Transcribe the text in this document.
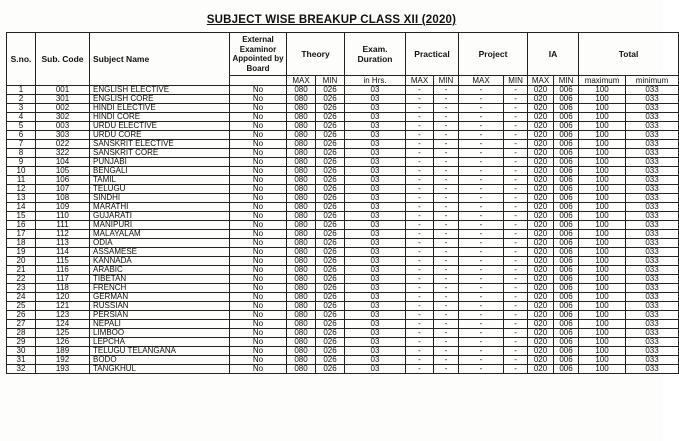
SUBJECT WISE BREAKUP CLASS XII (2020)
S.no.	Sub. Code	Subject Name	External Examinor Appointed by Board	Theory		Exam. Duration	Practical		Project		IA		Total	
				MAX	MIN	in Hrs.	MAX	MIN	MAX	MIN	MAX	MIN	maximum	minimum
1	001	ENGLISH ELECTIVE	No	080	026	03	-	-	-	-	020	006	100	033
2	301	ENGLISH CORE	No	080	026	03	-	-	-	-	020	006	100	033
3	002	HINDI ELECTIVE	No	080	026	03	-	-	-	-	020	006	100	033
4	302	HINDI CORE	No	080	026	03	-	-	-	-	020	006	100	033
5	003	URDU ELECTIVE	No	080	026	03	-	-	-	-	020	006	100	033
6	303	URDU CORE	No	080	026	03	-	-	-	-	020	006	100	033
7	022	SANSKRIT ELECTIVE	No	080	026	03	-	-	-	-	020	006	100	033
8	322	SANSKRIT CORE	No	080	026	03	-	-	-	-	020	006	100	033
9	104	PUNJABI	No	080	026	03	-	-	-	-	020	006	100	033
10	105	BENGALI	No	080	026	03	-	-	-	-	020	006	100	033
11	106	TAMIL	No	080	026	03	-	-	-	-	020	006	100	033
12	107	TELUGU	No	080	026	03	-	-	-	-	020	006	100	033
13	108	SINDHI	No	080	026	03	-	-	-	-	020	006	100	033
14	109	MARATHI	No	080	026	03	-	-	-	-	020	006	100	033
15	110	GUJARATI	No	080	026	03	-	-	-	-	020	006	100	033
16	111	MANIPURI	No	080	026	03	-	-	-	-	020	006	100	033
17	112	MALAYALAM	No	080	026	03	-	-	-	-	020	006	100	033
18	113	ODIA	No	080	026	03	-	-	-	-	020	006	100	033
19	114	ASSAMESE	No	080	026	03	-	-	-	-	020	006	100	033
20	115	KANNADA	No	080	026	03	-	-	-	-	020	006	100	033
21	116	ARABIC	No	080	026	03	-	-	-	-	020	006	100	033
22	117	TIBETAN	No	080	026	03	-	-	-	-	020	006	100	033
23	118	FRENCH	No	080	026	03	-	-	-	-	020	006	100	033
24	120	GERMAN	No	080	026	03	-	-	-	-	020	006	100	033
25	121	RUSSIAN	No	080	026	03	-	-	-	-	020	006	100	033
26	123	PERSIAN	No	080	026	03	-	-	-	-	020	006	100	033
27	124	NEPALI	No	080	026	03	-	-	-	-	020	006	100	033
28	125	LIMBOO	No	080	026	03	-	-	-	-	020	006	100	033
29	126	LEPCHA	No	080	026	03	-	-	-	-	020	006	100	033
30	189	TELUGU TELANGANA	No	080	026	03	-	-	-	-	020	006	100	033
31	192	BODO	No	080	026	03	-	-	-	-	020	006	100	033
32	193	TANGKHUL	No	080	026	03	-	-	-	-	020	006	100	033
